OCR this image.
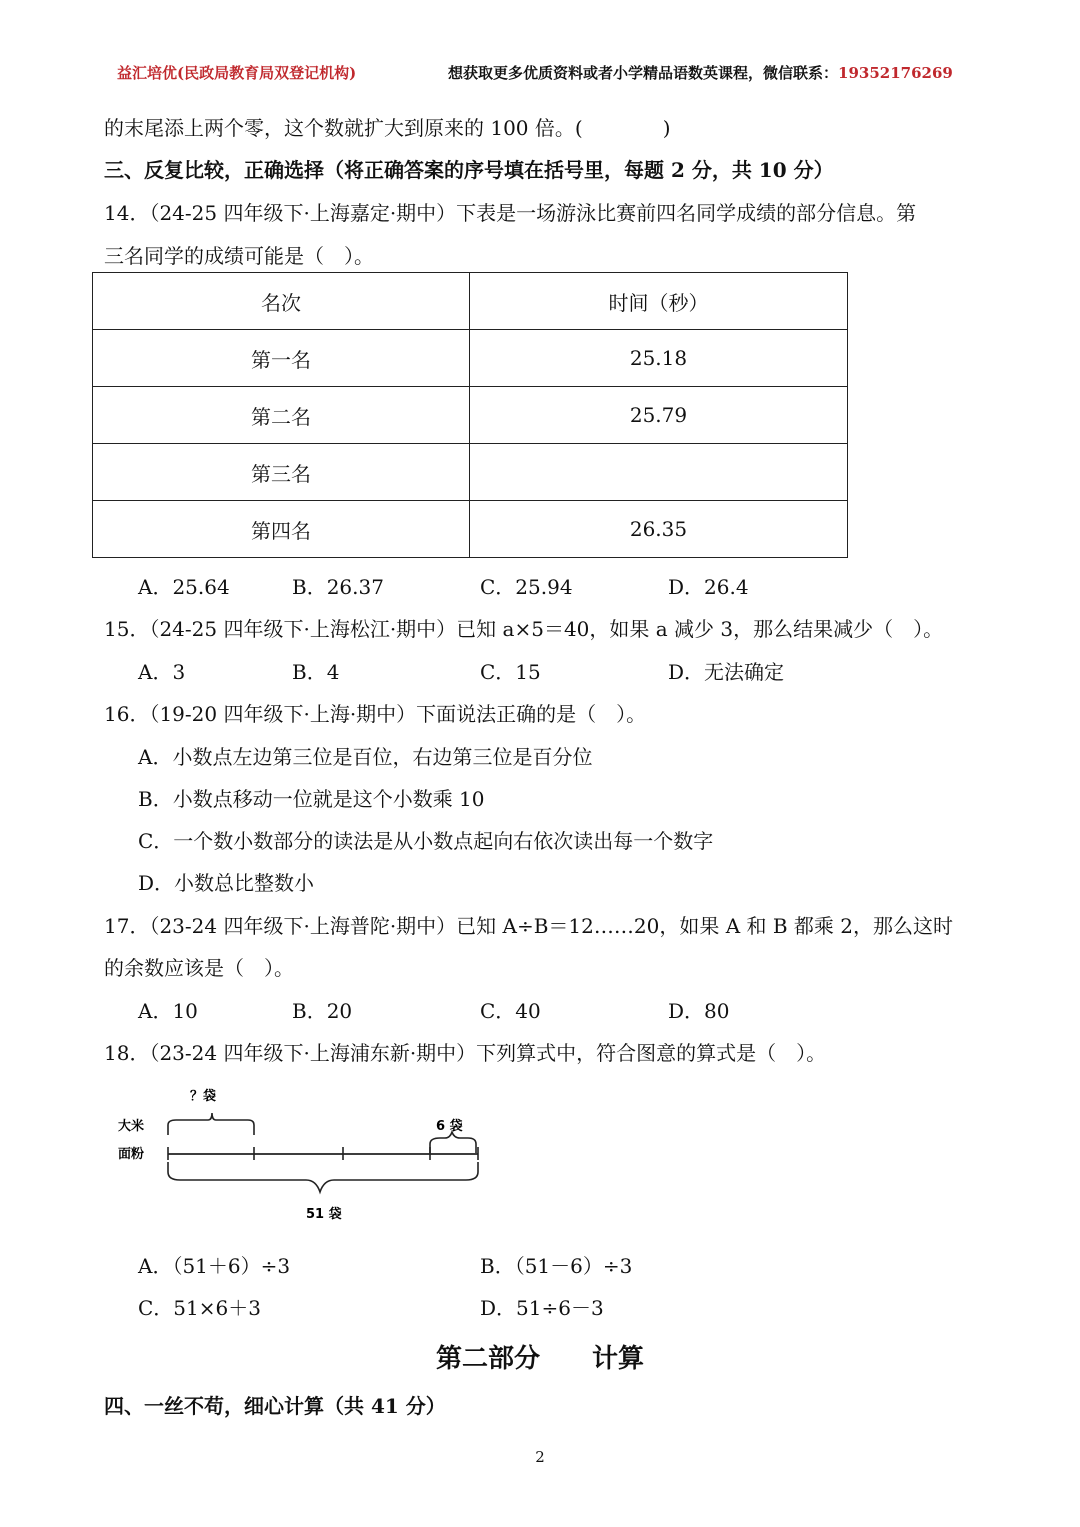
益汇培优(民政局教育局双登记机构)	想获取更多优质资料或者小学精品语数英课程，微信联系：19352176269
的末尾添上两个零，这个数就扩大到原来的 100 倍。(　　　　)
三、反复比较，正确选择（将正确答案的序号填在括号里，每题 2 分，共 10 分）
14．（24-25 四年级下·上海嘉定·期中）下表是一场游泳比赛前四名同学成绩的部分信息。第
三名同学的成绩可能是（　）。
名次	时间（秒）
第一名	25.18
第二名	25.79
第三名	
第四名	26.35
A．25.64	B．26.37	C．25.94	D．26.4
15．（24-25 四年级下·上海松江·期中）已知 a×5＝40，如果 a 减少 3，那么结果减少（　）。
A．3	B．4	C．15	D．无法确定
16．（19-20 四年级下·上海·期中）下面说法正确的是（　）。
A．小数点左边第三位是百位，右边第三位是百分位
B．小数点移动一位就是这个小数乘 10
C．一个数小数部分的读法是从小数点起向右依次读出每一个数字
D．小数总比整数小
17．（23-24 四年级下·上海普陀·期中）已知 A÷B＝12……20，如果 A 和 B 都乘 2，那么这时
的余数应该是（　）。
A．10	B．20	C．40	D．80
18．（23-24 四年级下·上海浦东新·期中）下列算式中，符合图意的算式是（　）。
？袋
大米	6 袋
面粉
51 袋
A．（51＋6）÷3	B．（51－6）÷3
C．51×6＋3	D．51÷6－3
第二部分　　计算
四、一丝不苟，细心计算（共 41 分）
2
